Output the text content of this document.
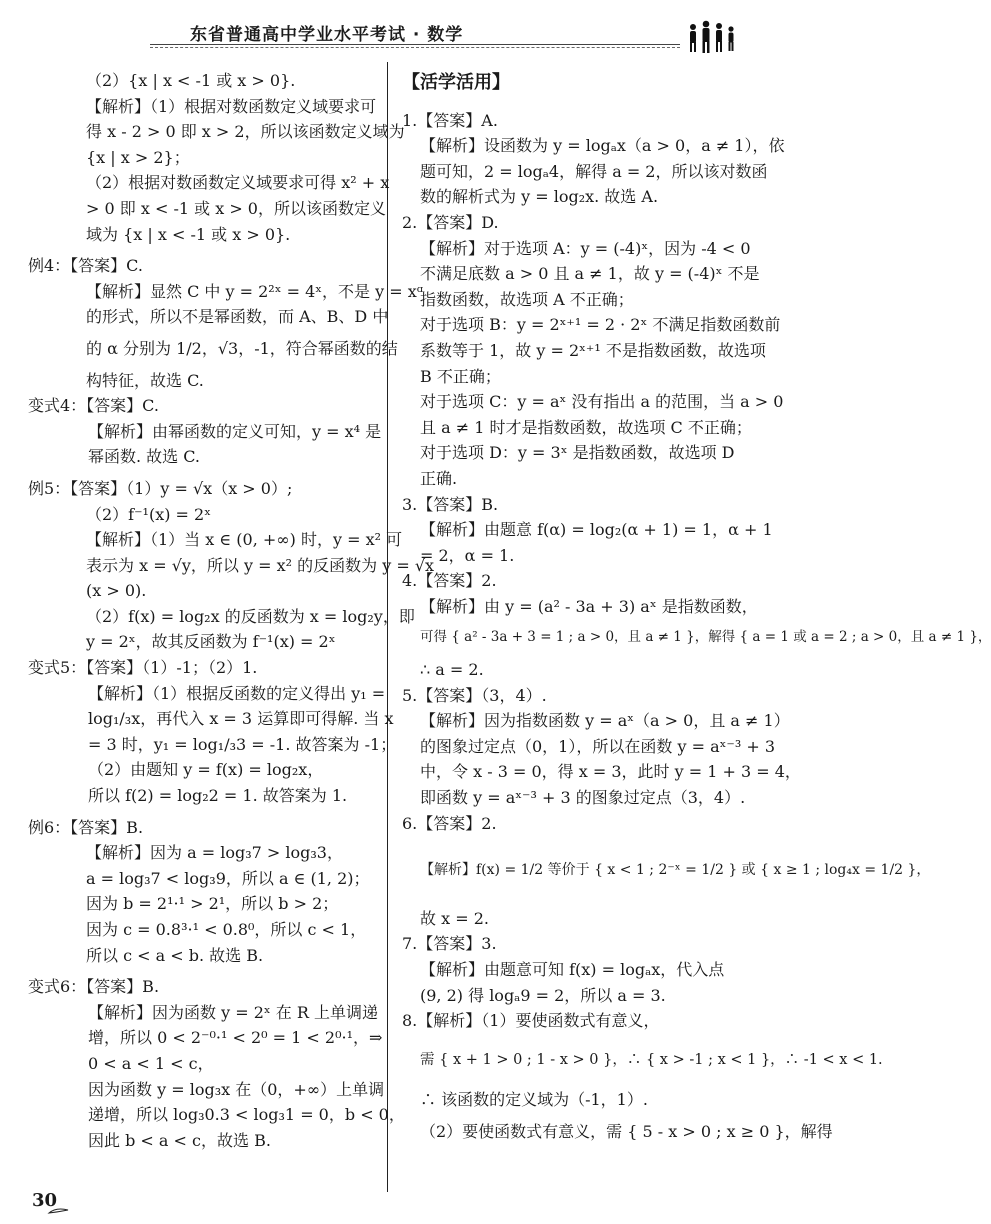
东省普通高中学业水平考试 · 数学
（2）{x | x < -1 或 x > 0}.
【解析】（1）根据对数函数定义域要求可
得 x - 2 > 0 即 x > 2，所以该函数定义域为
{x | x > 2}；
（2）根据对数函数定义域要求可得 x² + x
> 0 即 x < -1 或 x > 0，所以该函数定义
域为 {x | x < -1 或 x > 0}.
例4：【答案】C.
【解析】显然 C 中 y = 2²ˣ = 4ˣ，不是 y = xᵅ
的形式，所以不是幂函数，而 A、B、D 中
的 α 分别为 1/2，√3，-1，符合幂函数的结
构特征，故选 C.
变式4：【答案】C.
【解析】由幂函数的定义可知，y = x⁴ 是
幂函数. 故选 C.
例5：【答案】（1）y = √x（x > 0）;
（2）f⁻¹(x) = 2ˣ
【解析】（1）当 x ∈ (0, +∞) 时，y = x² 可
表示为 x = √y，所以 y = x² 的反函数为 y = √x
(x > 0).
（2）f(x) = log₂x 的反函数为 x = log₂y，即
y = 2ˣ，故其反函数为 f⁻¹(x) = 2ˣ
变式5：【答案】（1）-1；（2）1.
【解析】（1）根据反函数的定义得出 y₁ =
log₁/₃x，再代入 x = 3 运算即可得解. 当 x
= 3 时，y₁ = log₁/₃3 = -1. 故答案为 -1；
（2）由题知 y = f(x) = log₂x，
所以 f(2) = log₂2 = 1. 故答案为 1.
例6：【答案】B.
【解析】因为 a = log₃7 > log₃3，
a = log₃7 < log₃9，所以 a ∈ (1, 2)；
因为 b = 2¹·¹ > 2¹，所以 b > 2；
因为 c = 0.8³·¹ < 0.8⁰，所以 c < 1，
所以 c < a < b. 故选 B.
变式6：【答案】B.
【解析】因为函数 y = 2ˣ 在 R 上单调递
增，所以 0 < 2⁻⁰·¹ < 2⁰ = 1 < 2⁰·¹，⇒
0 < a < 1 < c，
因为函数 y = log₃x 在（0，+∞）上单调
递增，所以 log₃0.3 < log₃1 = 0，b < 0，
因此 b < a < c，故选 B.
【活学活用】
1.【答案】A.
【解析】设函数为 y = logₐx（a > 0，a ≠ 1），依
题可知，2 = logₐ4，解得 a = 2，所以该对数函
数的解析式为 y = log₂x. 故选 A.
2.【答案】D.
【解析】对于选项 A：y = (-4)ˣ，因为 -4 < 0
不满足底数 a > 0 且 a ≠ 1，故 y = (-4)ˣ 不是
指数函数，故选项 A 不正确；
对于选项 B：y = 2ˣ⁺¹ = 2 · 2ˣ 不满足指数函数前
系数等于 1，故 y = 2ˣ⁺¹ 不是指数函数，故选项
B 不正确；
对于选项 C：y = aˣ 没有指出 a 的范围，当 a > 0
且 a ≠ 1 时才是指数函数，故选项 C 不正确；
对于选项 D：y = 3ˣ 是指数函数，故选项 D
正确.
3.【答案】B.
【解析】由题意 f(α) = log₂(α + 1) = 1，α + 1
= 2，α = 1.
4.【答案】2.
【解析】由 y = (a² - 3a + 3) aˣ 是指数函数，
可得 { a² - 3a + 3 = 1 ; a > 0，且 a ≠ 1 }，解得 { a = 1 或 a = 2 ; a > 0，且 a ≠ 1 }，
∴ a = 2.
5.【答案】（3，4）.
【解析】因为指数函数 y = aˣ（a > 0，且 a ≠ 1）
的图象过定点（0，1），所以在函数 y = aˣ⁻³ + 3
中，令 x - 3 = 0，得 x = 3，此时 y = 1 + 3 = 4，
即函数 y = aˣ⁻³ + 3 的图象过定点（3，4）.
6.【答案】2.
【解析】f(x) = 1/2 等价于 { x < 1 ; 2⁻ˣ = 1/2 } 或 { x ≥ 1 ; log₄x = 1/2 }，
故 x = 2.
7.【答案】3.
【解析】由题意可知 f(x) = logₐx，代入点
(9, 2) 得 logₐ9 = 2，所以 a = 3.
8.【解析】（1）要使函数式有意义，
需 { x + 1 > 0 ; 1 - x > 0 }，∴ { x > -1 ; x < 1 }，∴ -1 < x < 1.
∴ 该函数的定义域为（-1，1）.
（2）要使函数式有意义，需 { 5 - x > 0 ; x ≥ 0 }，解得
30
